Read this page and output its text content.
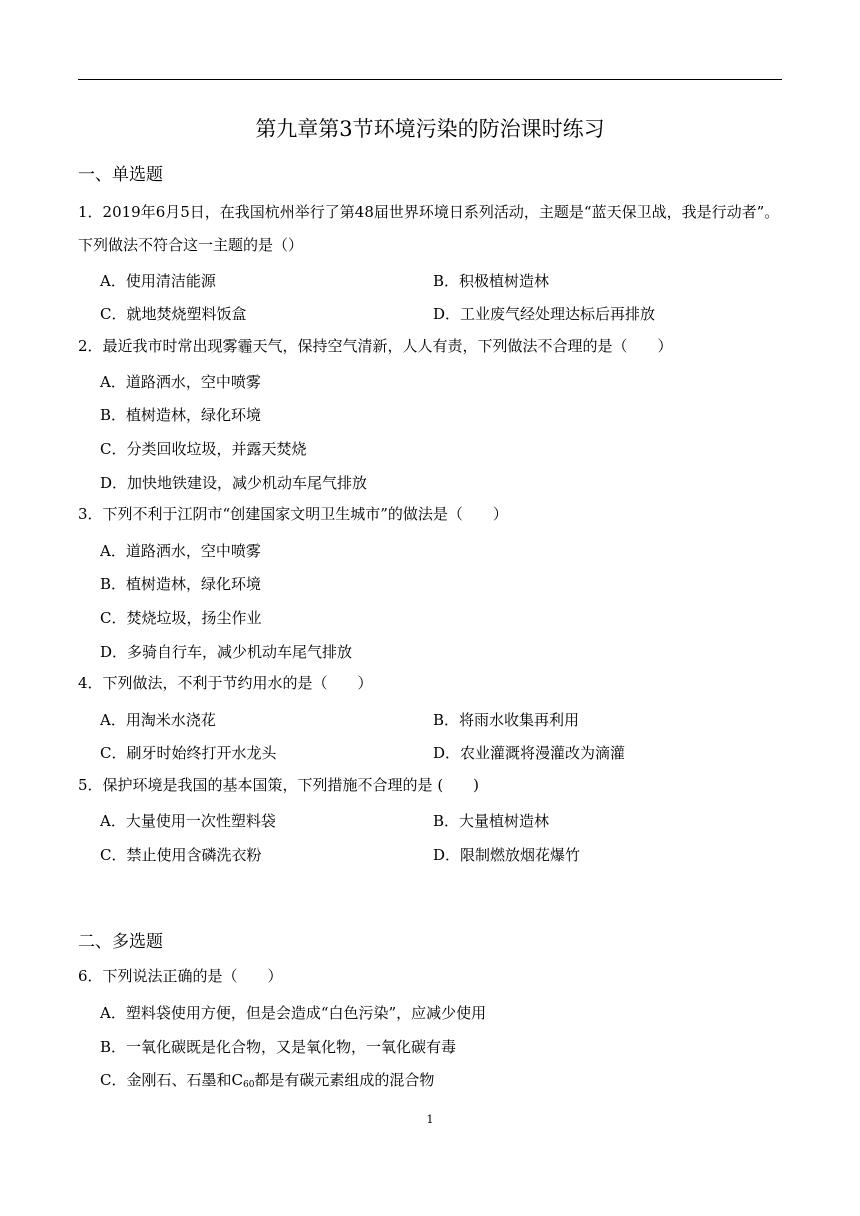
第九章第3节环境污染的防治课时练习
一、单选题
1．2019年6月5日，在我国杭州举行了第48届世界环境日系列活动，主题是“蓝天保卫战，我是行动者”。下列做法不符合这一主题的是（）
A．使用清洁能源	B．积极植树造林
C．就地焚烧塑料饭盒	D．工业废气经处理达标后再排放
2．最近我市时常出现雾霾天气，保持空气清新，人人有责，下列做法不合理的是（　　）
A．道路洒水，空中喷雾
B．植树造林，绿化环境
C．分类回收垃圾，并露天焚烧
D．加快地铁建设，减少机动车尾气排放
3．下列不利于江阴市“创建国家文明卫生城市”的做法是（　　）
A．道路洒水，空中喷雾
B．植树造林，绿化环境
C．焚烧垃圾，扬尘作业
D．多骑自行车，减少机动车尾气排放
4．下列做法，不利于节约用水的是（　　）
A．用淘米水浇花	B．将雨水收集再利用
C．刷牙时始终打开水龙头	D．农业灌溉将漫灌改为滴灌
5．保护环境是我国的基本国策，下列措施不合理的是 (　　)
A．大量使用一次性塑料袋	B．大量植树造林
C．禁止使用含磷洗衣粉	D．限制燃放烟花爆竹
二、多选题
6．下列说法正确的是（　　）
A．塑料袋使用方便，但是会造成“白色污染”，应减少使用
B．一氧化碳既是化合物，又是氧化物，一氧化碳有毒
C．金刚石、石墨和$C_{60}$都是有碳元素组成的混合物
1
